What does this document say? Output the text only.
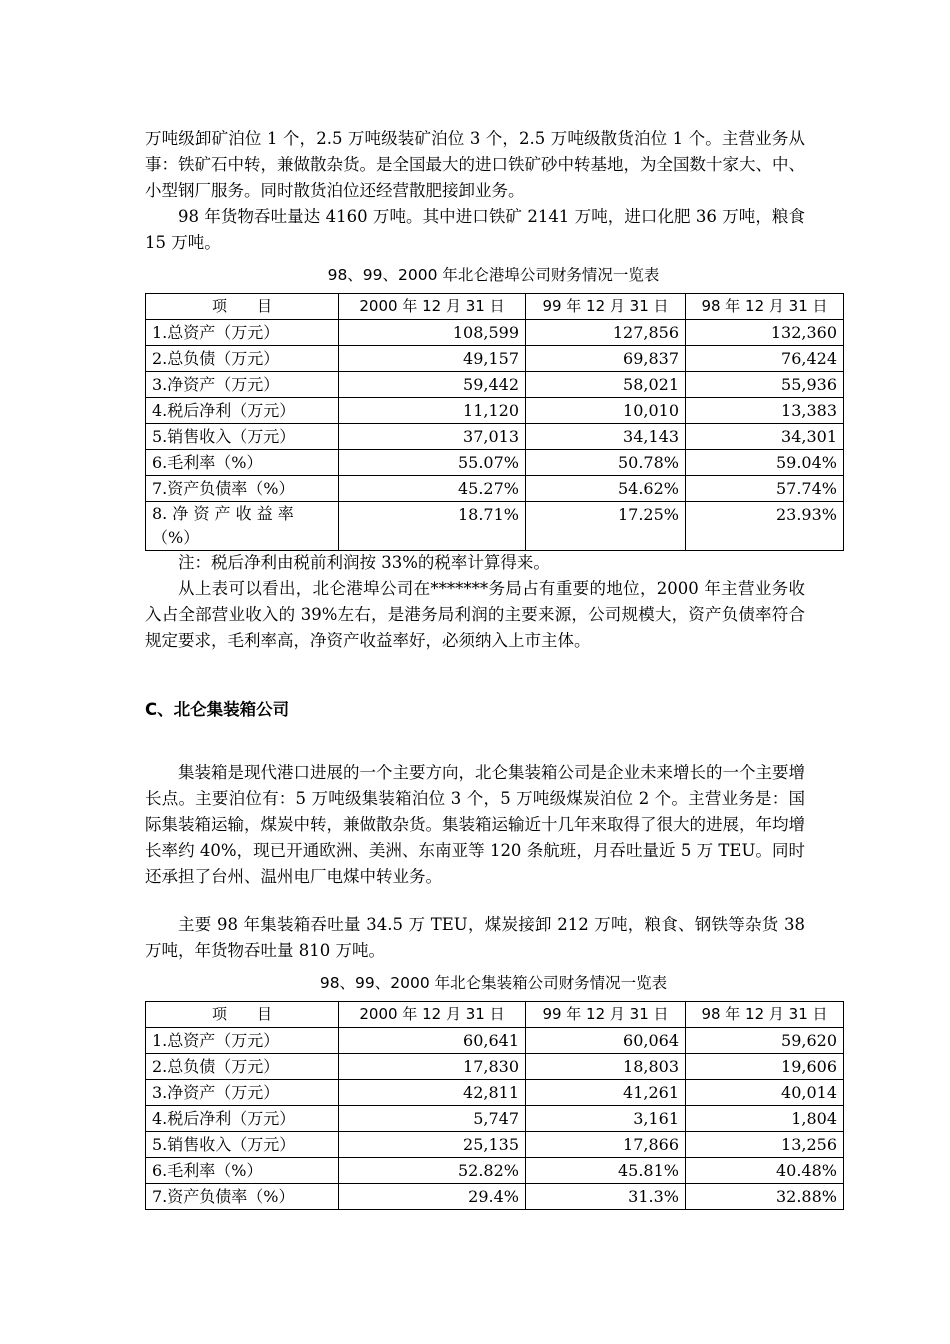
万吨级卸矿泊位 1 个，2.5 万吨级装矿泊位 3 个，2.5 万吨级散货泊位 1 个。主营业务从事：铁矿石中转，兼做散杂货。是全国最大的进口铁矿砂中转基地，为全国数十家大、中、小型钢厂服务。同时散货泊位还经营散肥接卸业务。

98 年货物吞吐量达 4160 万吨。其中进口铁矿 2141 万吨，进口化肥 36 万吨，粮食 15 万吨。

98、99、2000 年北仑港埠公司财务情况一览表
项　　目	2000 年 12 月 31 日	99 年 12 月 31 日	98 年 12 月 31 日
1.总资产（万元）	108,599	127,856	132,360
2.总负债（万元）	49,157	69,837	76,424
3.净资产（万元）	59,442	58,021	55,936
4.税后净利（万元）	11,120	10,010	13,383
5.销售收入（万元）	37,013	34,143	34,301
6.毛利率（%）	55.07%	50.78%	59.04%
7.资产负债率（%）	45.27%	54.62%	57.74%
8. 净 资 产 收 益 率（%）	18.71%	17.25%	23.93%

注：税后净利由税前利润按 33%的税率计算得来。

从上表可以看出，北仑港埠公司在*******务局占有重要的地位，2000 年主营业务收入占全部营业收入的 39%左右，是港务局利润的主要来源，公司规模大，资产负债率符合规定要求，毛利率高，净资产收益率好，必须纳入上市主体。

C、北仑集装箱公司

集装箱是现代港口进展的一个主要方向，北仑集装箱公司是企业未来增长的一个主要增长点。主要泊位有：5 万吨级集装箱泊位 3 个，5 万吨级煤炭泊位 2 个。主营业务是：国际集装箱运输，煤炭中转，兼做散杂货。集装箱运输近十几年来取得了很大的进展，年均增长率约 40%，现已开通欧洲、美洲、东南亚等 120 条航班，月吞吐量近 5 万 TEU。同时还承担了台州、温州电厂电煤中转业务。

主要 98 年集装箱吞吐量 34.5 万 TEU，煤炭接卸 212 万吨，粮食、钢铁等杂货 38 万吨，年货物吞吐量 810 万吨。

98、99、2000 年北仑集装箱公司财务情况一览表
项　　目	2000 年 12 月 31 日	99 年 12 月 31 日	98 年 12 月 31 日
1.总资产（万元）	60,641	60,064	59,620
2.总负债（万元）	17,830	18,803	19,606
3.净资产（万元）	42,811	41,261	40,014
4.税后净利（万元）	5,747	3,161	1,804
5.销售收入（万元）	25,135	17,866	13,256
6.毛利率（%）	52.82%	45.81%	40.48%
7.资产负债率（%）	29.4%	31.3%	32.88%
